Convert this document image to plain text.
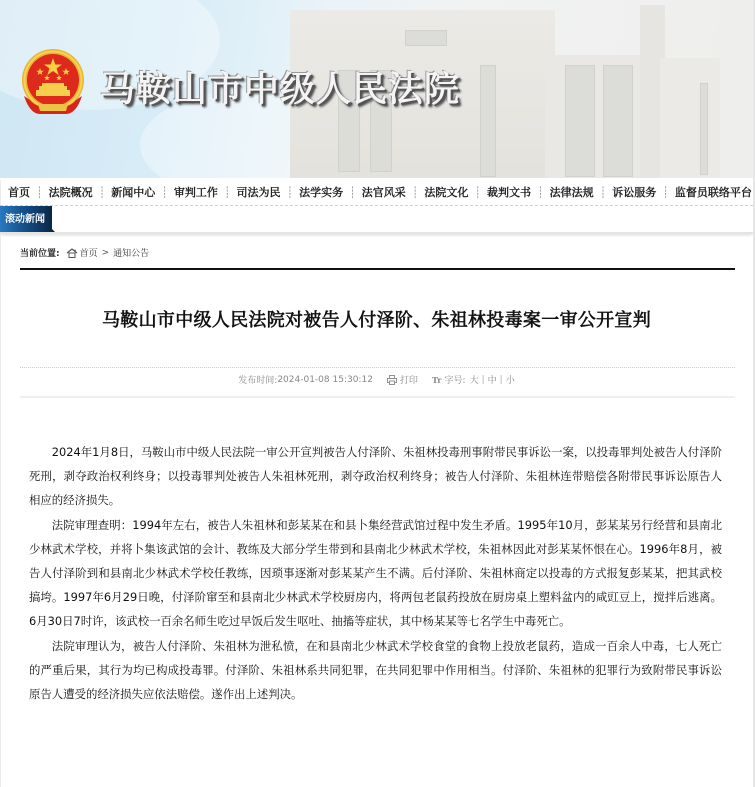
马鞍山市中级人民法院
首页 ┊ 法院概况 ┊ 新闻中心 ┊ 审判工作 ┊ 司法为民 ┊ 法学实务 ┊ 法官风采 ┊ 法院文化 ┊ 裁判文书 ┊ 法律法规 ┊ 诉讼服务 ┊ 监督员联络平台
滚动新闻
当前位置: 首页 > 通知公告
马鞍山市中级人民法院对被告人付泽阶、朱祖林投毒案一审公开宣判
发布时间: 2024-01-08 15:30:12	打印 Tr 字号: 大 | 中 | 小

2024年1月8日，马鞍山市中级人民法院一审公开宣判被告人付泽阶、朱祖林投毒刑事附带民事诉讼一案，以投毒罪判处被告人付泽阶死刑，剥夺政治权利终身；以投毒罪判处被告人朱祖林死刑，剥夺政治权利终身；被告人付泽阶、朱祖林连带赔偿各附带民事诉讼原告人相应的经济损失。

法院审理查明：1994年左右，被告人朱祖林和彭某某在和县卜集经营武馆过程中发生矛盾。1995年10月，彭某某另行经营和县南北少林武术学校，并将卜集该武馆的会计、教练及大部分学生带到和县南北少林武术学校，朱祖林因此对彭某某怀恨在心。1996年8月，被告人付泽阶到和县南北少林武术学校任教练，因琐事逐渐对彭某某产生不满。后付泽阶、朱祖林商定以投毒的方式报复彭某某，把其武校搞垮。1997年6月29日晚，付泽阶窜至和县南北少林武术学校厨房内，将两包老鼠药投放在厨房桌上塑料盆内的咸豇豆上，搅拌后逃离。6月30日7时许，该武校一百余名师生吃过早饭后发生呕吐、抽搐等症状，其中杨某某等七名学生中毒死亡。

法院审理认为，被告人付泽阶、朱祖林为泄私愤，在和县南北少林武术学校食堂的食物上投放老鼠药，造成一百余人中毒，七人死亡的严重后果，其行为均已构成投毒罪。付泽阶、朱祖林系共同犯罪，在共同犯罪中作用相当。付泽阶、朱祖林的犯罪行为致附带民事诉讼原告人遭受的经济损失应依法赔偿。遂作出上述判决。
